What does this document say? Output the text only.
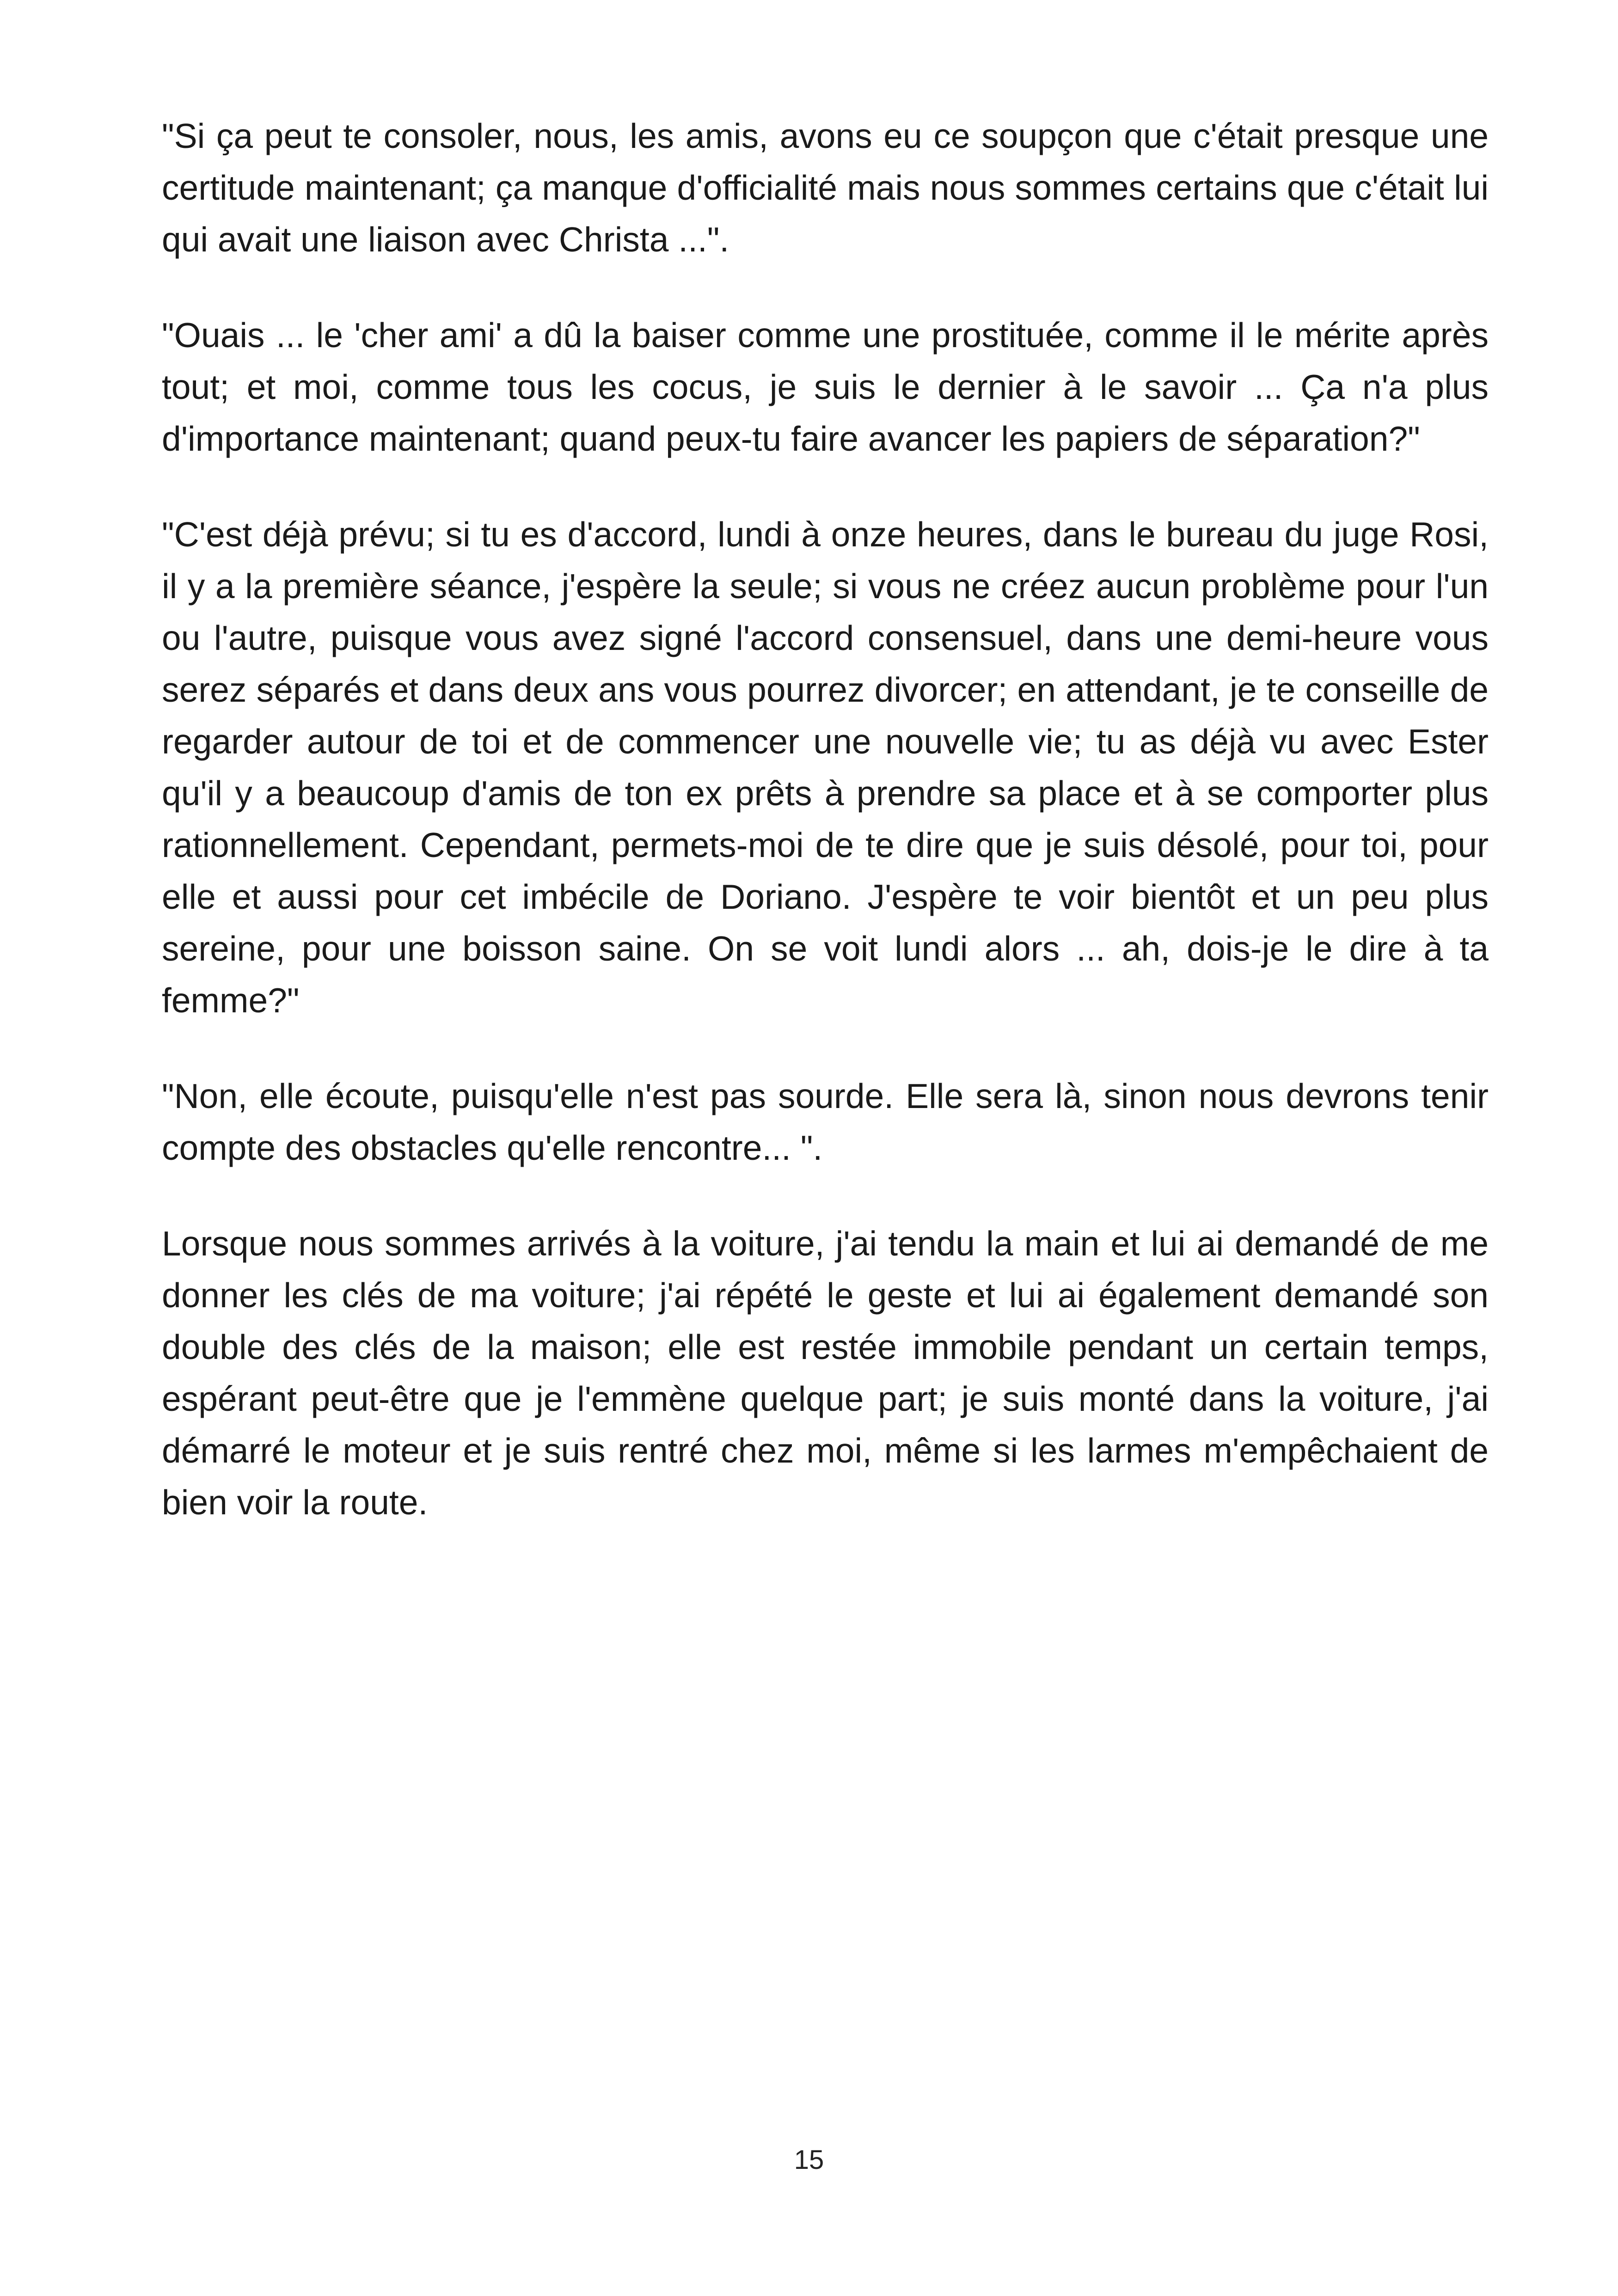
"Si ça peut te consoler, nous, les amis, avons eu ce soupçon que c'était presque une certitude maintenant; ça manque d'officialité mais nous sommes certains que c'était lui qui avait une liaison avec Christa ...".

"Ouais ... le 'cher ami' a dû la baiser comme une prostituée, comme il le mérite après tout; et moi, comme tous les cocus, je suis le dernier à le savoir ... Ça n'a plus d'importance maintenant; quand peux-tu faire avancer les papiers de séparation?"

"C'est déjà prévu; si tu es d'accord, lundi à onze heures, dans le bureau du juge Rosi, il y a la première séance, j'espère la seule; si vous ne créez aucun problème pour l'un ou l'autre, puisque vous avez signé l'accord consensuel, dans une demi-heure vous serez séparés et dans deux ans vous pourrez divorcer; en attendant, je te conseille de regarder autour de toi et de commencer une nouvelle vie; tu as déjà vu avec Ester qu'il y a beaucoup d'amis de ton ex prêts à prendre sa place et à se comporter plus rationnellement. Cependant, permets-moi de te dire que je suis désolé, pour toi, pour elle et aussi pour cet imbécile de Doriano. J'espère te voir bientôt et un peu plus sereine, pour une boisson saine. On se voit lundi alors ... ah, dois-je le dire à ta femme?"

"Non, elle écoute, puisqu'elle n'est pas sourde. Elle sera là, sinon nous devrons tenir compte des obstacles qu'elle rencontre... ".

Lorsque nous sommes arrivés à la voiture, j'ai tendu la main et lui ai demandé de me donner les clés de ma voiture; j'ai répété le geste et lui ai également demandé son double des clés de la maison; elle est restée immobile pendant un certain temps, espérant peut-être que je l'emmène quelque part; je suis monté dans la voiture, j'ai démarré le moteur et je suis rentré chez moi, même si les larmes m'empêchaient de bien voir la route.

15
